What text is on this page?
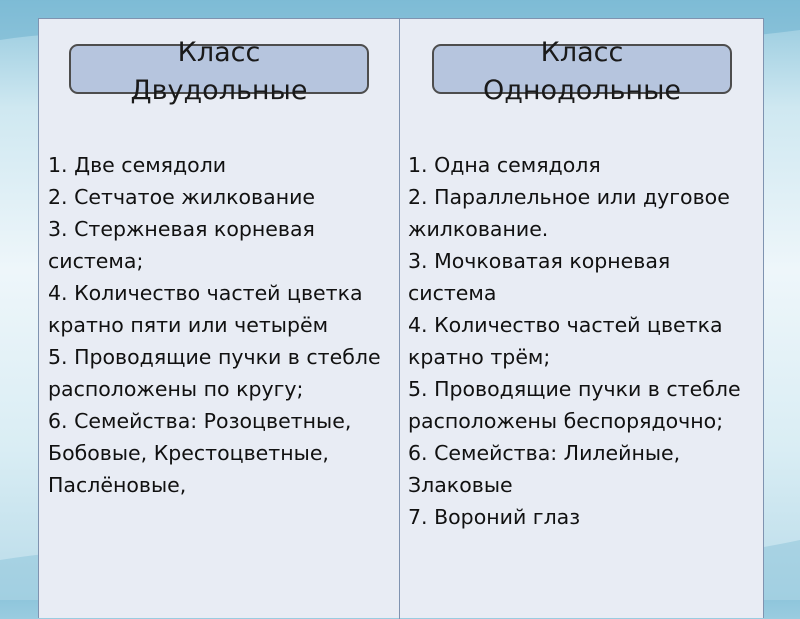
Класс
Двудольные
1. Две семядоли
2. Сетчатое жилкование
3. Стержневая корневая система;
4. Количество частей цветка кратно пяти или четырём
5. Проводящие пучки в стебле расположены по кругу;
6. Семейства: Розоцветные, Бобовые, Крестоцветные, Паслёновые,
Класс
Однодольные
1. Одна семядоля
2. Параллельное или дуговое жилкование.
3. Мочковатая корневая система
4. Количество частей цветка кратно трём;
5. Проводящие пучки в стебле расположены беспорядочно;
6. Семейства: Лилейные, Злаковые
7. Вороний глаз
